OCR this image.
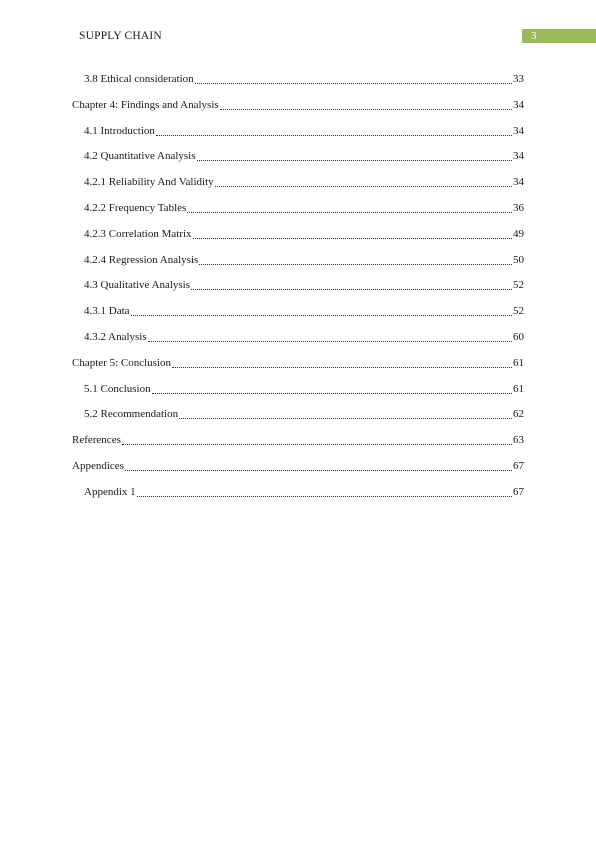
SUPPLY CHAIN	3
3.8 Ethical consideration	33
Chapter 4: Findings and Analysis	34
4.1 Introduction	34
4.2 Quantitative Analysis	34
4.2.1 Reliability And Validity	34
4.2.2 Frequency Tables	36
4.2.3 Correlation Matrix	49
4.2.4 Regression Analysis	50
4.3 Qualitative Analysis	52
4.3.1 Data	52
4.3.2 Analysis	60
Chapter 5: Conclusion	61
5.1 Conclusion	61
5.2 Recommendation	62
References	63
Appendices	67
Appendix 1	67
